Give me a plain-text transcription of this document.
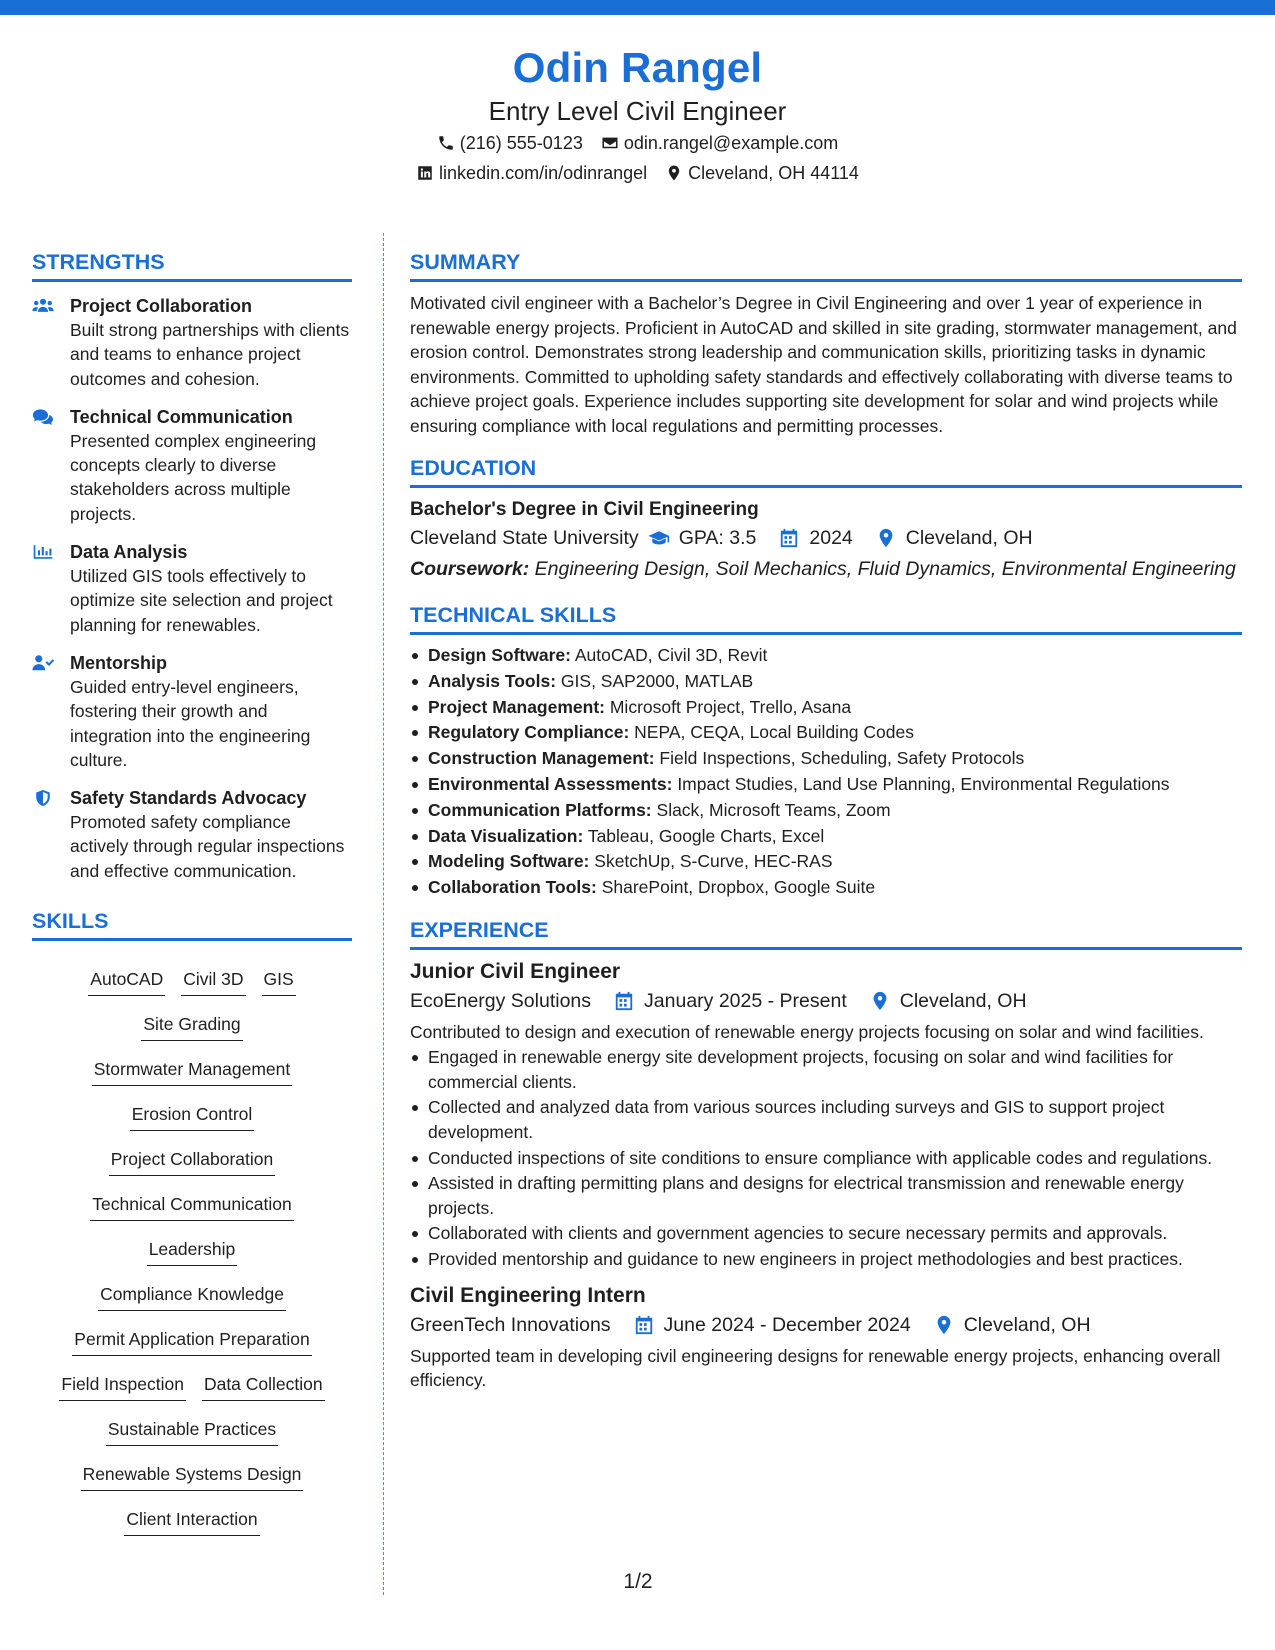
Odin Rangel
Entry Level Civil Engineer
(216) 555-0123 odin.rangel@example.com
linkedin.com/in/odinrangel Cleveland, OH 44114
STRENGTHS
Project Collaboration
Built strong partnerships with clients and teams to enhance project outcomes and cohesion.
Technical Communication
Presented complex engineering concepts clearly to diverse stakeholders across multiple projects.
Data Analysis
Utilized GIS tools effectively to optimize site selection and project planning for renewables.
Mentorship
Guided entry-level engineers, fostering their growth and integration into the engineering culture.
Safety Standards Advocacy
Promoted safety compliance actively through regular inspections and effective communication.
SKILLS
AutoCAD Civil 3D GIS
Site Grading
Stormwater Management
Erosion Control
Project Collaboration
Technical Communication
Leadership
Compliance Knowledge
Permit Application Preparation
Field Inspection Data Collection
Sustainable Practices
Renewable Systems Design
Client Interaction
SUMMARY
Motivated civil engineer with a Bachelor’s Degree in Civil Engineering and over 1 year of experience in renewable energy projects. Proficient in AutoCAD and skilled in site grading, stormwater management, and erosion control. Demonstrates strong leadership and communication skills, prioritizing tasks in dynamic environments. Committed to upholding safety standards and effectively collaborating with diverse teams to achieve project goals. Experience includes supporting site development for solar and wind projects while ensuring compliance with local regulations and permitting processes.
EDUCATION
Bachelor's Degree in Civil Engineering
Cleveland State University GPA: 3.5	2024	Cleveland, OH
Coursework: Engineering Design, Soil Mechanics, Fluid Dynamics, Environmental Engineering
TECHNICAL SKILLS
Design Software: AutoCAD, Civil 3D, Revit
Analysis Tools: GIS, SAP2000, MATLAB
Project Management: Microsoft Project, Trello, Asana
Regulatory Compliance: NEPA, CEQA, Local Building Codes
Construction Management: Field Inspections, Scheduling, Safety Protocols
Environmental Assessments: Impact Studies, Land Use Planning, Environmental Regulations
Communication Platforms: Slack, Microsoft Teams, Zoom
Data Visualization: Tableau, Google Charts, Excel
Modeling Software: SketchUp, S-Curve, HEC-RAS
Collaboration Tools: SharePoint, Dropbox, Google Suite
EXPERIENCE
Junior Civil Engineer
EcoEnergy Solutions	January 2025 - Present	Cleveland, OH
Contributed to design and execution of renewable energy projects focusing on solar and wind facilities.
Engaged in renewable energy site development projects, focusing on solar and wind facilities for commercial clients.
Collected and analyzed data from various sources including surveys and GIS to support project development.
Conducted inspections of site conditions to ensure compliance with applicable codes and regulations.
Assisted in drafting permitting plans and designs for electrical transmission and renewable energy projects.
Collaborated with clients and government agencies to secure necessary permits and approvals.
Provided mentorship and guidance to new engineers in project methodologies and best practices.
Civil Engineering Intern
GreenTech Innovations	June 2024 - December 2024	Cleveland, OH
Supported team in developing civil engineering designs for renewable energy projects, enhancing overall efficiency.
1/2
